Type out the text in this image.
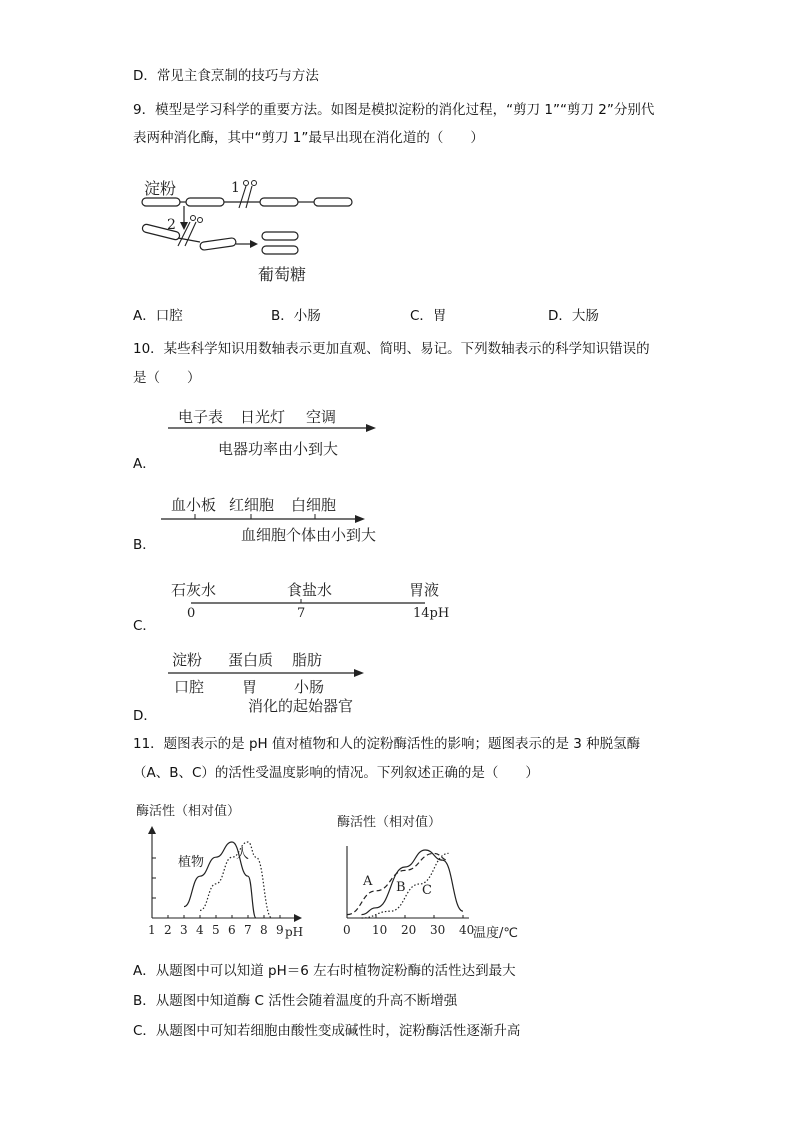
D．常见主食烹制的技巧与方法
9．模型是学习科学的重要方法。如图是模拟淀粉的消化过程，“剪刀 1”“剪刀 2”分别代
表两种消化酶，其中“剪刀 1”最早出现在消化道的（　　）
淀粉	1
2
葡萄糖
A．口腔	B．小肠	C．胃	D．大肠
10．某些科学知识用数轴表示更加直观、简明、易记。下列数轴表示的科学知识错误的
是（　　）
电子表 日光灯 空调
电器功率由小到大
A．
血小板 红细胞 白细胞
血细胞个体由小到大
B．
石灰水	食盐水	胃液
0	7	14pH
C．
淀粉 蛋白质 脂肪
口腔	胃 小肠
消化的起始器官
D．
11．题图表示的是 pH 值对植物和人的淀粉酶活性的影响；题图表示的是 3 种脱氢酶
（A、B、C）的活性受温度影响的情况。下列叙述正确的是（　　）
酶活性（相对值）
1 2 3 4 5 6 7 8 9
植物
人
pH
酶活性（相对值）
0 10 20 30 40
A B C
温度/℃
A．从题图中可以知道 pH＝6 左右时植物淀粉酶的活性达到最大
B．从题图中知道酶 C 活性会随着温度的升高不断增强
C．从题图中可知若细胞由酸性变成碱性时，淀粉酶活性逐渐升高
